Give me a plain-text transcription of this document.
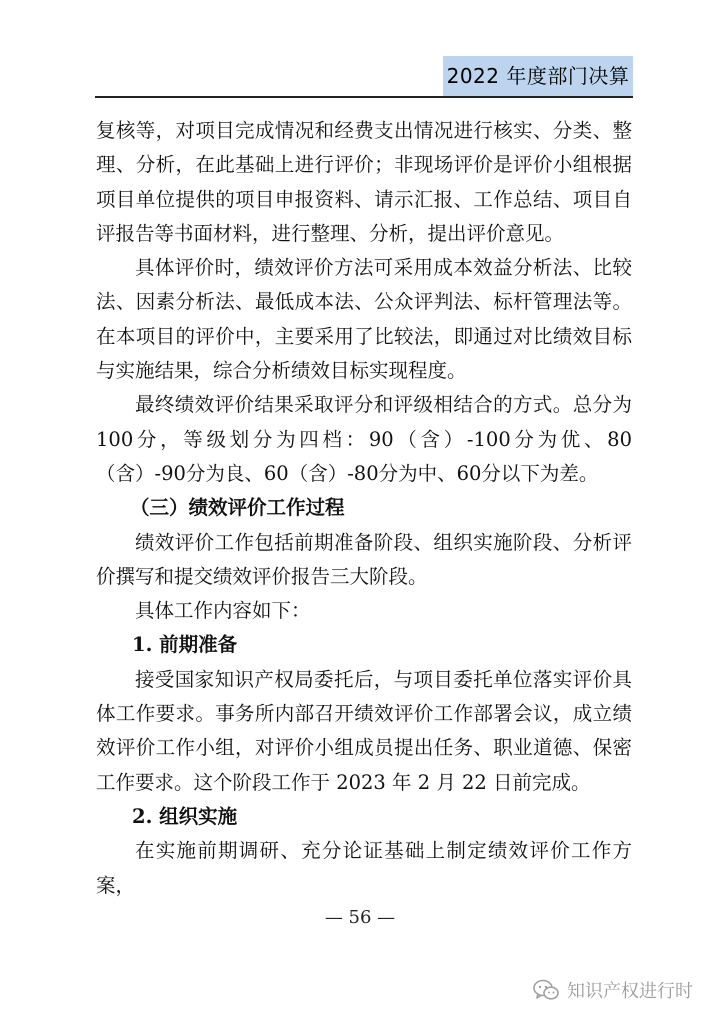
2022 年度部门决算

复核等，对项目完成情况和经费支出情况进行核实、分类、整理、分析，在此基础上进行评价；非现场评价是评价小组根据项目单位提供的项目申报资料、请示汇报、工作总结、项目自评报告等书面材料，进行整理、分析，提出评价意见。

具体评价时，绩效评价方法可采用成本效益分析法、比较法、因素分析法、最低成本法、公众评判法、标杆管理法等。在本项目的评价中，主要采用了比较法，即通过对比绩效目标与实施结果，综合分析绩效目标实现程度。

最终绩效评价结果采取评分和评级相结合的方式。总分为100分，等级划分为四档：90（含）-100分为优、80（含）-90分为良、60（含）-80分为中、60分以下为差。

（三）绩效评价工作过程

绩效评价工作包括前期准备阶段、组织实施阶段、分析评价撰写和提交绩效评价报告三大阶段。

具体工作内容如下：

1. 前期准备

接受国家知识产权局委托后，与项目委托单位落实评价具体工作要求。事务所内部召开绩效评价工作部署会议，成立绩效评价工作小组，对评价小组成员提出任务、职业道德、保密工作要求。这个阶段工作于 2023 年 2 月 22 日前完成。

2. 组织实施

在实施前期调研、充分论证基础上制定绩效评价工作方案，

— 56 —
知识产权进行时
